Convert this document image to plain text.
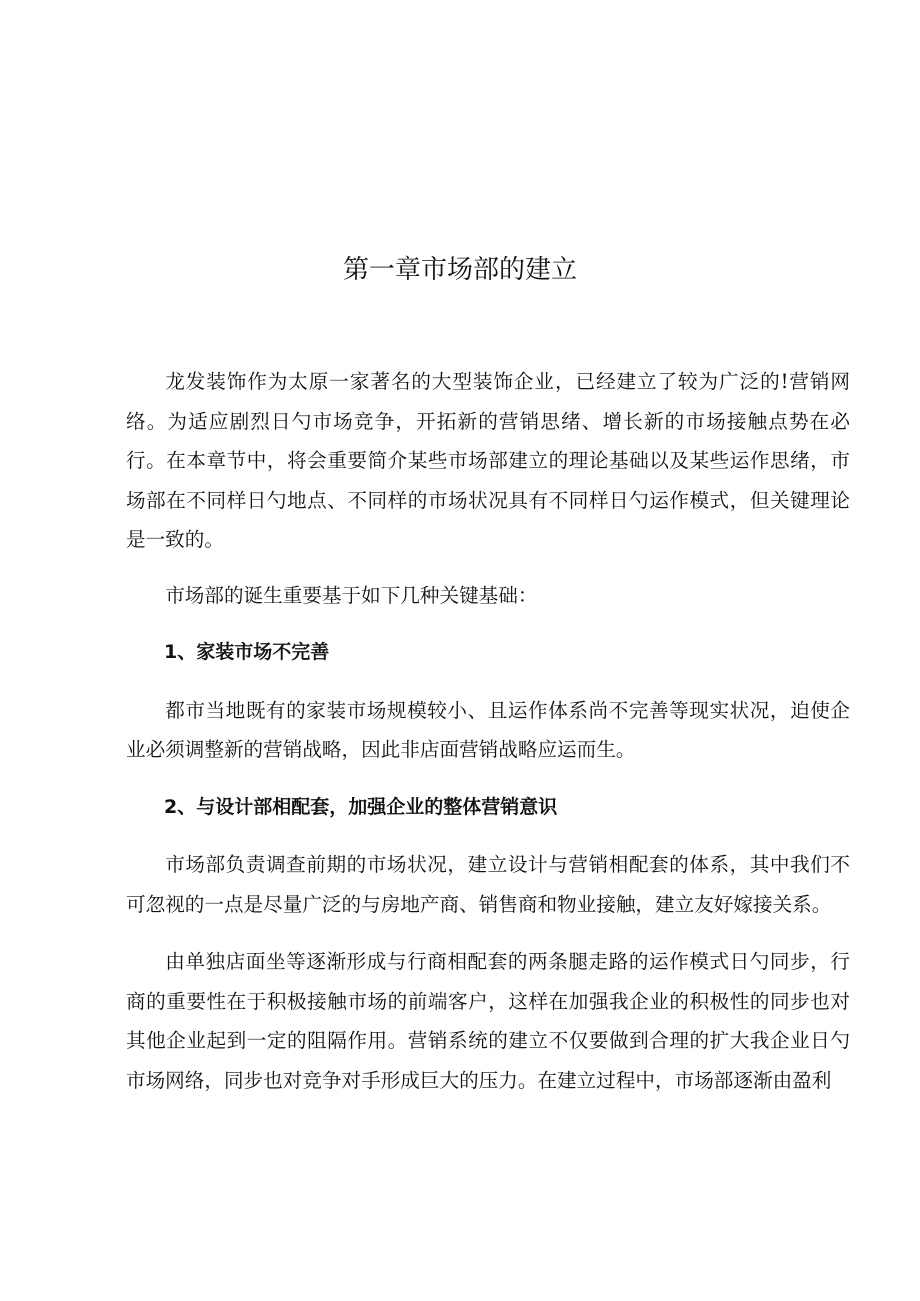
第一章市场部的建立

龙发装饰作为太原一家著名的大型装饰企业，已经建立了较为广泛的!营销网络。为适应剧烈日勺市场竞争，开拓新的营销思绪、增长新的市场接触点势在必行。在本章节中，将会重要简介某些市场部建立的理论基础以及某些运作思绪，市场部在不同样日勺地点、不同样的市场状况具有不同样日勺运作模式，但关键理论是一致的。

市场部的诞生重要基于如下几种关键基础：

1、家装市场不完善

都市当地既有的家装市场规模较小、且运作体系尚不完善等现实状况，迫使企业必须调整新的营销战略，因此非店面营销战略应运而生。

2、与设计部相配套，加强企业的整体营销意识

市场部负责调查前期的市场状况，建立设计与营销相配套的体系，其中我们不可忽视的一点是尽量广泛的与房地产商、销售商和物业接触，建立友好嫁接关系。

由单独店面坐等逐渐形成与行商相配套的两条腿走路的运作模式日勺同步，行商的重要性在于积极接触市场的前端客户，这样在加强我企业的积极性的同步也对其他企业起到一定的阻隔作用。营销系统的建立不仅要做到合理的扩大我企业日勺市场网络，同步也对竞争对手形成巨大的压力。在建立过程中，市场部逐渐由盈利
